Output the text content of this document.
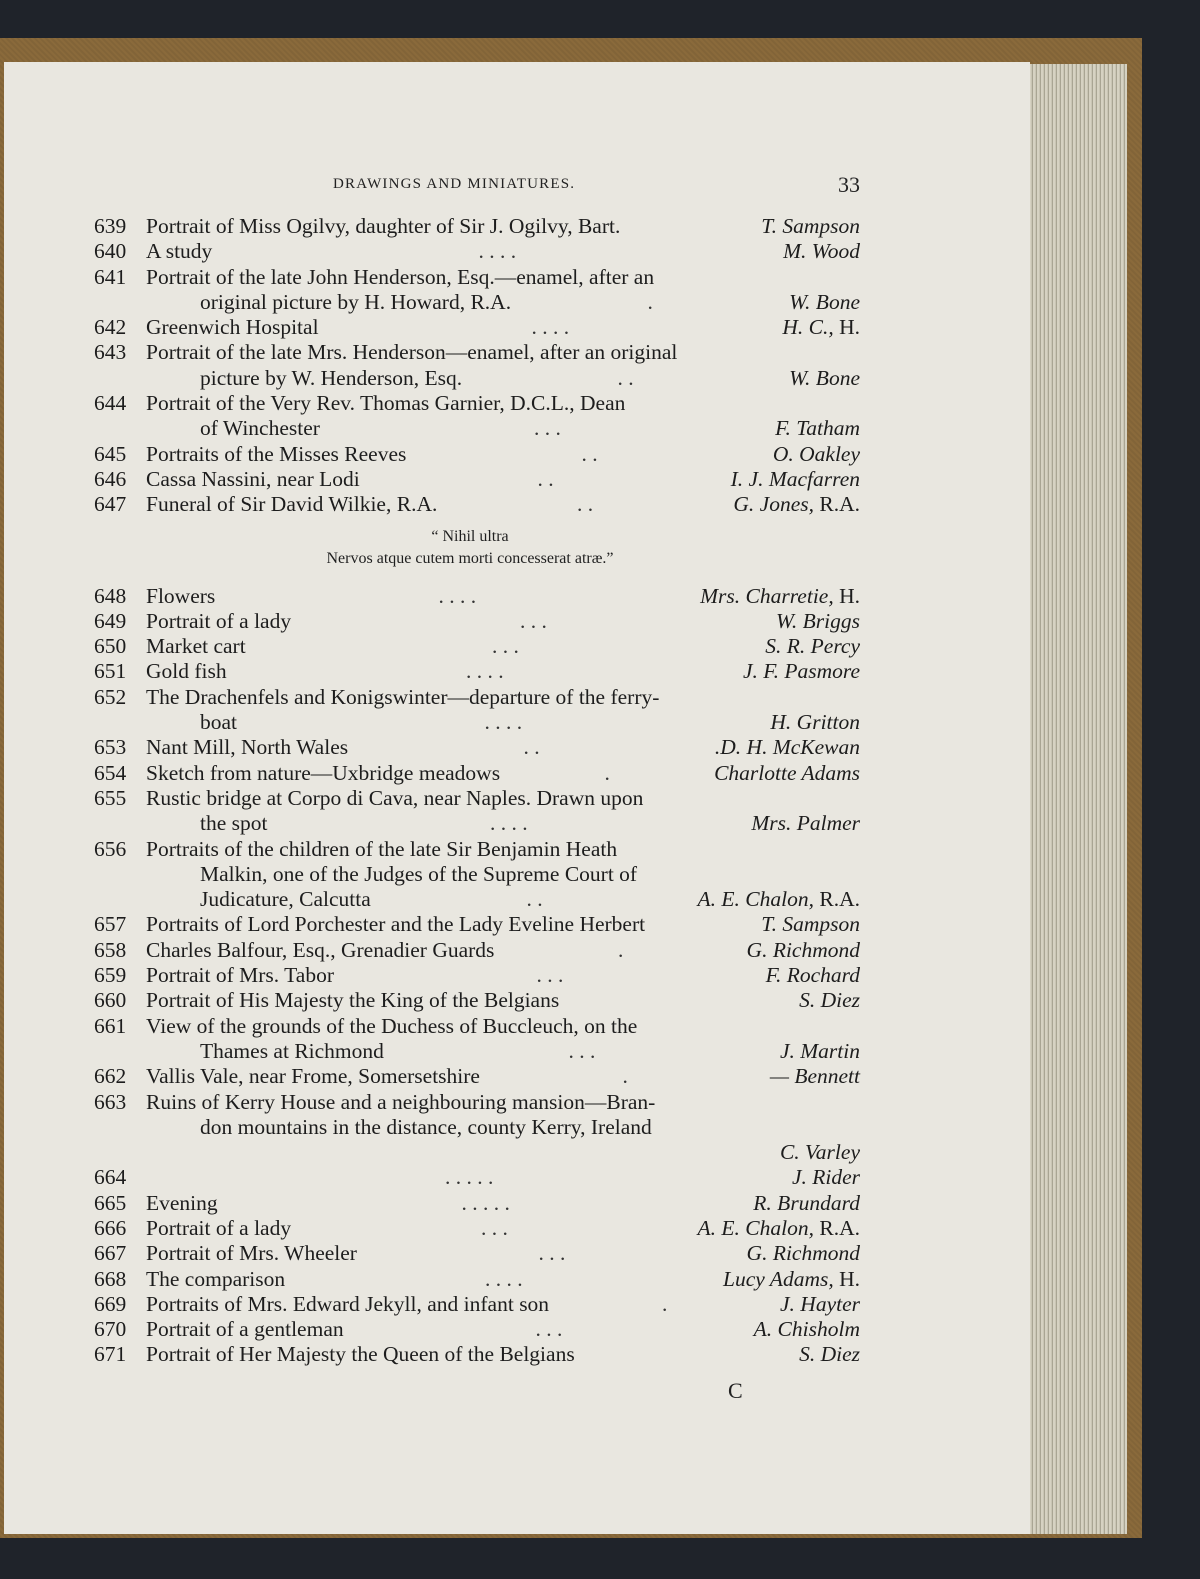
DRAWINGS AND MINIATURES.	33
639 Portrait of Miss Ogilvy, daughter of Sir J. Ogilvy, Bart.	T. Sampson
640 A study	. . . .	M. Wood
641 Portrait of the late John Henderson, Esq.—enamel, after an
original picture by H. Howard, R.A.	.	W. Bone
642 Greenwich Hospital	. . . .	H. C., H.
643 Portrait of the late Mrs. Henderson—enamel, after an original
picture by W. Henderson, Esq.	. .	W. Bone
644 Portrait of the Very Rev. Thomas Garnier, D.C.L., Dean
of Winchester	. . .	F. Tatham
645 Portraits of the Misses Reeves	. .	O. Oakley
646 Cassa Nassini, near Lodi	. .	I. J. Macfarren
647 Funeral of Sir David Wilkie, R.A.	. .	G. Jones, R.A.
“ Nihil ultra
Nervos atque cutem morti concesserat atræ.”
648 Flowers	. . . .	Mrs. Charretie, H.
649 Portrait of a lady	. . .	W. Briggs
650 Market cart	. . .	S. R. Percy
651 Gold fish	. . . .	J. F. Pasmore
652 The Drachenfels and Konigswinter—departure of the ferry-
boat	. . . .	H. Gritton
653 Nant Mill, North Wales	. .	.D. H. McKewan
654 Sketch from nature—Uxbridge meadows	.	Charlotte Adams
655 Rustic bridge at Corpo di Cava, near Naples. Drawn upon
the spot	. . . .	Mrs. Palmer
656 Portraits of the children of the late Sir Benjamin Heath
Malkin, one of the Judges of the Supreme Court of
Judicature, Calcutta	. .	A. E. Chalon, R.A.
657 Portraits of Lord Porchester and the Lady Eveline Herbert	T. Sampson
658 Charles Balfour, Esq., Grenadier Guards	.	G. Richmond
659 Portrait of Mrs. Tabor	. . .	F. Rochard
660 Portrait of His Majesty the King of the Belgians	S. Diez
661 View of the grounds of the Duchess of Buccleuch, on the
Thames at Richmond	. . .	J. Martin
662 Vallis Vale, near Frome, Somersetshire	.	— Bennett
663 Ruins of Kerry House and a neighbouring mansion—Bran-
don mountains in the distance, county Kerry, Ireland
C. Varley
664	. . . . .	J. Rider
665 Evening	. . . . .	R. Brundard
666 Portrait of a lady	. . .	A. E. Chalon, R.A.
667 Portrait of Mrs. Wheeler	. . .	G. Richmond
668 The comparison	. . . .	Lucy Adams, H.
669 Portraits of Mrs. Edward Jekyll, and infant son	.	J. Hayter
670 Portrait of a gentleman	. . .	A. Chisholm
671 Portrait of Her Majesty the Queen of the Belgians	S. Diez
C
